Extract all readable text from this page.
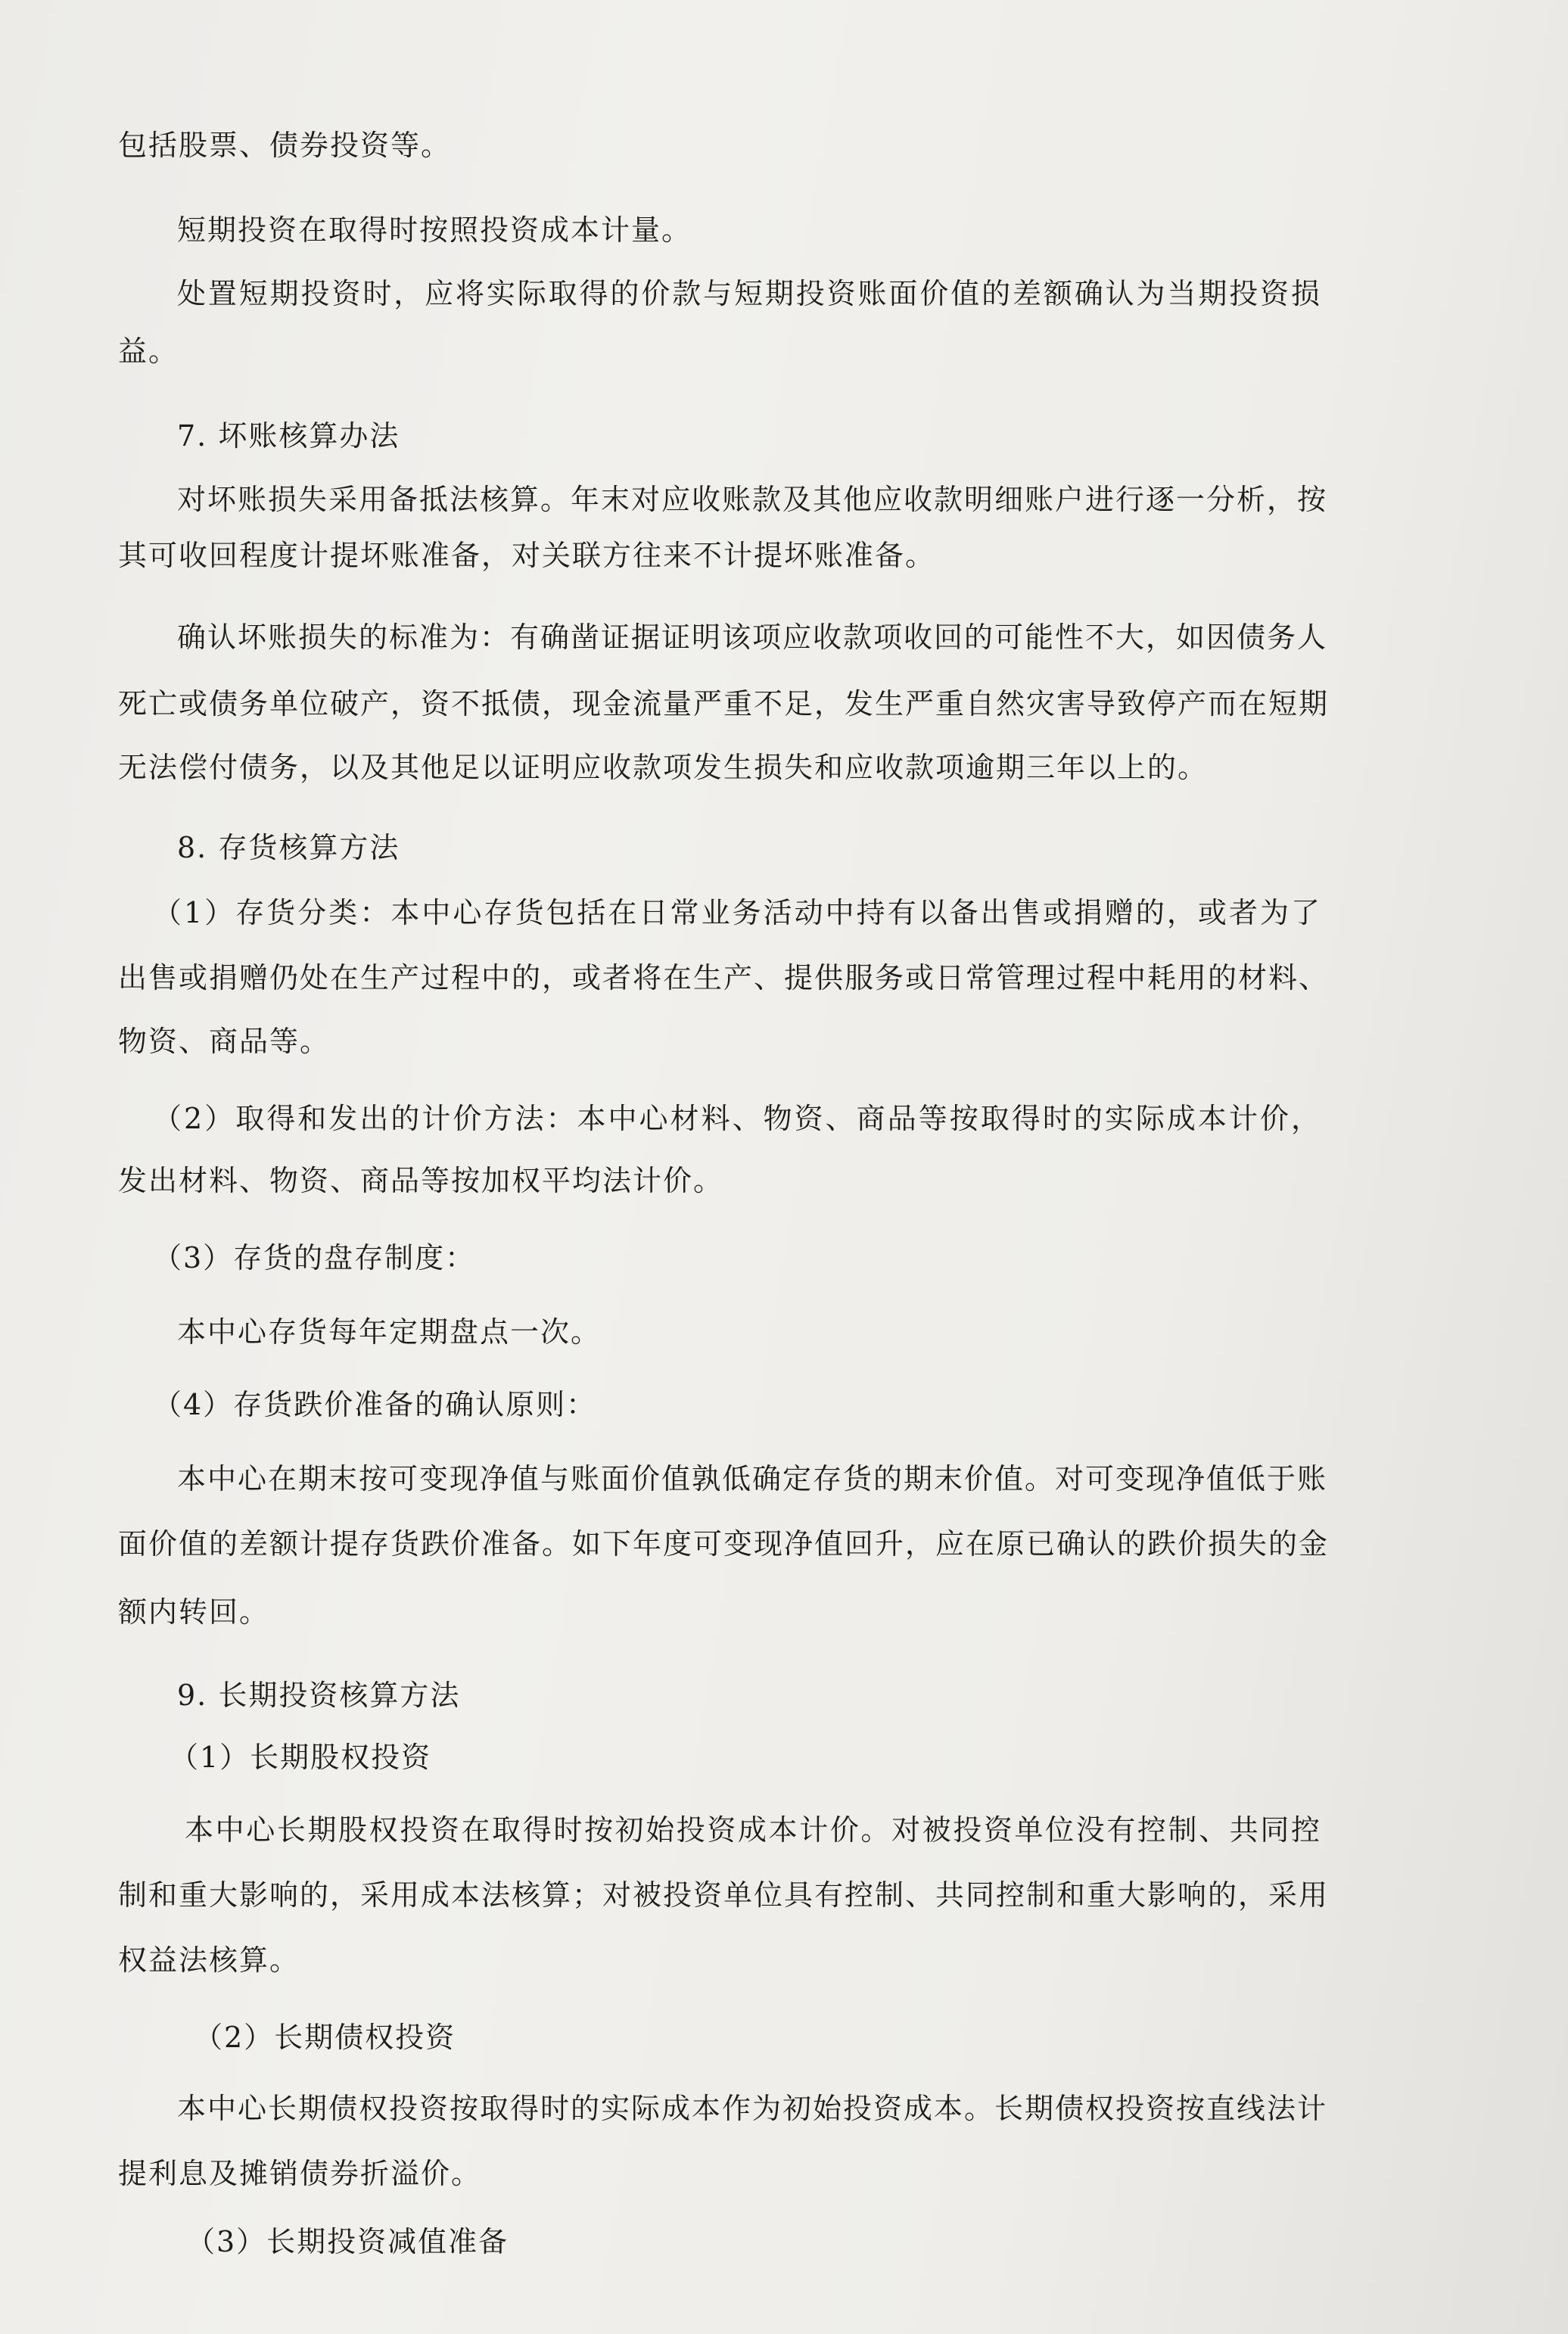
包括股票、债券投资等。
短期投资在取得时按照投资成本计量。
处置短期投资时，应将实际取得的价款与短期投资账面价值的差额确认为当期投资损
益。
7. 坏账核算办法
对坏账损失采用备抵法核算。年末对应收账款及其他应收款明细账户进行逐一分析，按
其可收回程度计提坏账准备，对关联方往来不计提坏账准备。
确认坏账损失的标准为：有确凿证据证明该项应收款项收回的可能性不大，如因债务人
死亡或债务单位破产，资不抵债，现金流量严重不足，发生严重自然灾害导致停产而在短期
无法偿付债务，以及其他足以证明应收款项发生损失和应收款项逾期三年以上的。
8. 存货核算方法
（1）存货分类：本中心存货包括在日常业务活动中持有以备出售或捐赠的，或者为了
出售或捐赠仍处在生产过程中的，或者将在生产、提供服务或日常管理过程中耗用的材料、
物资、商品等。
（2）取得和发出的计价方法：本中心材料、物资、商品等按取得时的实际成本计价，
发出材料、物资、商品等按加权平均法计价。
（3）存货的盘存制度：
本中心存货每年定期盘点一次。
（4）存货跌价准备的确认原则：
本中心在期末按可变现净值与账面价值孰低确定存货的期末价值。对可变现净值低于账
面价值的差额计提存货跌价准备。如下年度可变现净值回升，应在原已确认的跌价损失的金
额内转回。
9. 长期投资核算方法
（1）长期股权投资
本中心长期股权投资在取得时按初始投资成本计价。对被投资单位没有控制、共同控
制和重大影响的，采用成本法核算；对被投资单位具有控制、共同控制和重大影响的，采用
权益法核算。
（2）长期债权投资
本中心长期债权投资按取得时的实际成本作为初始投资成本。长期债权投资按直线法计
提利息及摊销债券折溢价。
（3）长期投资减值准备
